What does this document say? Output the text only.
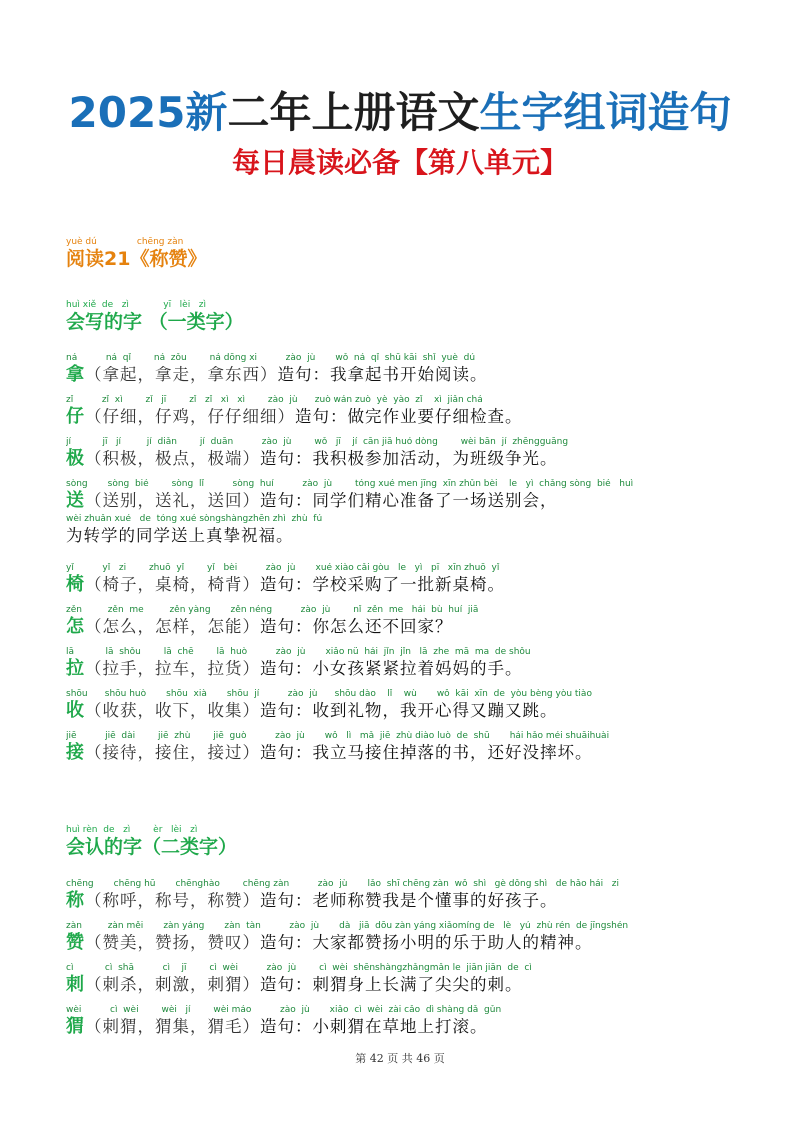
2025新二年上册语文生字组词造句
每日晨读必备【第八单元】
yuè dú              chēng zàn
阅读21《称赞》
huì xiě  de   zì            yī   lèi   zì
会写的字 （一类字）
ná          ná  qǐ        ná  zǒu        ná dōng xi          zào  jù       wǒ  ná  qǐ  shū kāi  shǐ  yuè  dú
拿（拿起，拿走，拿东西）造句：我拿起书开始阅读。
zǐ          zǐ  xì        zǐ   jī        zǐ   zǐ   xì   xì        zào  jù      zuò wán zuò  yè  yào  zǐ    xì  jiǎn chá
仔（仔细，仔鸡，仔仔细细）造句：做完作业要仔细检查。
jí           jī   jí         jí  diǎn        jí  duān          zào  jù        wǒ   jī    jí  cān jiā huó dòng        wèi bān  jí  zhēngguāng
极（积极，极点，极端）造句：我积极参加活动，为班级争光。
sòng       sòng  bié        sòng  lǐ          sòng  huí          zào  jù        tóng xué men jīng  xīn zhǔn bèi    le   yì  chǎng sòng  bié   huì
送（送别，送礼，送回）造句：同学们精心准备了一场送别会，
wèi zhuǎn xué   de  tóng xué sòngshàngzhēn zhì  zhù  fú
为转学的同学送上真挚祝福。
yǐ          yǐ   zi        zhuō  yǐ        yǐ   bèi          zào  jù       xué xiào cǎi gòu   le   yì   pī   xīn zhuō  yǐ
椅（椅子，桌椅，椅背）造句：学校采购了一批新桌椅。
zěn         zěn  me         zěn yàng       zěn néng          zào  jù        nǐ  zěn  me   hái  bù  huí  jiā
怎（怎么，怎样，怎能）造句：你怎么还不回家？
lā           lā  shǒu        lā  chē        lā  huò          zào  jù       xiǎo nǚ  hái  jǐn  jǐn   lā  zhe  mā  ma  de shǒu
拉（拉手，拉车，拉货）造句：小女孩紧紧拉着妈妈的手。
shōu      shōu huò       shōu  xià       shōu  jí          zào  jù      shōu dào    lǐ    wù       wǒ  kāi  xīn  de  yòu bèng yòu tiào
收（收获，收下，收集）造句：收到礼物，我开心得又蹦又跳。
jiē          jiē  dài        jiē  zhù        jiē  guò          zào  jù       wǒ   lì   mǎ  jiē  zhù diào luò  de  shū       hái hǎo méi shuāihuài
接（接待，接住，接过）造句：我立马接住掉落的书，还好没摔坏。
huì rèn  de   zì        èr   lèi   zì
会认的字（二类字）
chēng       chēng hū       chēnghào        chēng zàn          zào  jù       lǎo  shī chēng zàn  wǒ  shì   gè dǒng shì   de hǎo hái   zi
称（称呼，称号，称赞）造句：老师称赞我是个懂事的好孩子。
zàn         zàn měi       zàn yáng       zàn  tàn          zào  jù       dà   jiā  dōu zàn yáng xiǎomíng de   lè   yú  zhù rén  de jīngshén
赞（赞美，赞扬，赞叹）造句：大家都赞扬小明的乐于助人的精神。
cì           cì  shā          cì    jī        cì  wèi          zào  jù        cì  wèi  shēnshàngzhǎngmǎn le  jiān jiān  de  cì
刺（刺杀，刺激，刺猬）造句：刺猬身上长满了尖尖的刺。
wèi          cì  wèi        wèi   jí        wèi máo          zào  jù       xiǎo  cì  wèi  zài cǎo  dì shàng dǎ  gǔn
猬（刺猬，猬集，猬毛）造句：小刺猬在草地上打滚。
第 42 页 共 46 页
